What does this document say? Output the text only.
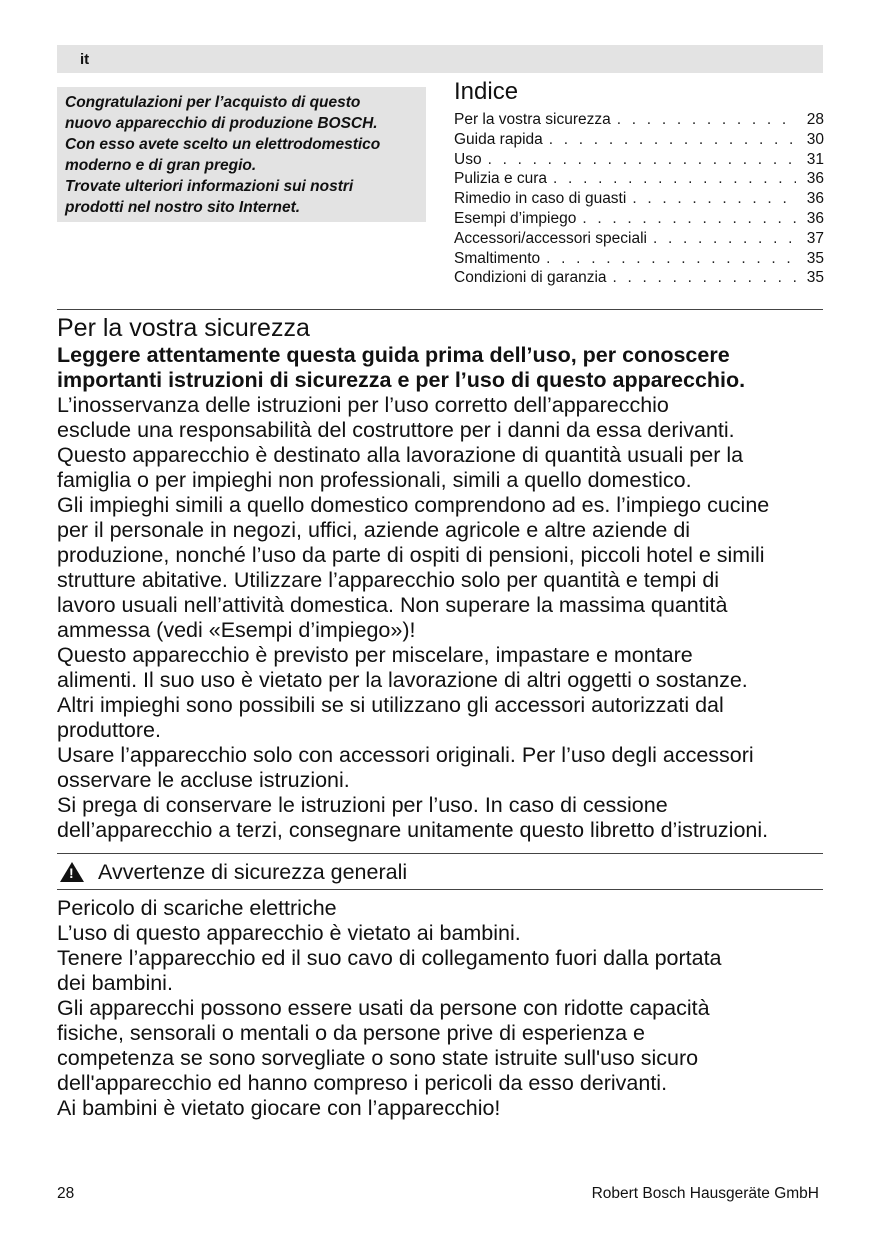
it

Congratulazioni per l’acquisto di questo

nuovo apparecchio di produzione BOSCH.

Con esso avete scelto un elettrodomestico

moderno e di gran pregio.

Trovate ulteriori informazioni sui nostri

prodotti nel nostro sito Internet.

Indice
Per la vostra sicurezza . . .	28
Guida rapida . . .	30
Uso . . .	31
Pulizia e cura . . .	36
Rimedio in caso di guasti . . .	36
Esempi d’impiego . . .	36
Accessori/accessori speciali . . .	37
Smaltimento . . .	35
Condizioni di garanzia . . .	35
Per la vostra sicurezza

Leggere attentamente questa guida prima dell’uso, per conoscere

importanti istruzioni di sicurezza e per l’uso di questo apparecchio.

L’inosservanza delle istruzioni per l’uso corretto dell’apparecchio

esclude una responsabilità del costruttore per i danni da essa derivanti.

Questo apparecchio è destinato alla lavorazione di quantità usuali per la

famiglia o per impieghi non professionali, simili a quello domestico.

Gli impieghi simili a quello domestico comprendono ad es. l’impiego cucine

per il personale in negozi, uffici, aziende agricole e altre aziende di

produzione, nonché l’uso da parte di ospiti di pensioni, piccoli hotel e simili

strutture abitative. Utilizzare l’apparecchio solo per quantità e tempi di

lavoro usuali nell’attività domestica. Non superare la massima quantità

ammessa (vedi «Esempi d’impiego»)!

Questo apparecchio è previsto per miscelare, impastare e montare

alimenti. Il suo uso è vietato per la lavorazione di altri oggetti o sostanze.

Altri impieghi sono possibili se si utilizzano gli accessori autorizzati dal

produttore.

Usare l’apparecchio solo con accessori originali. Per l’uso degli accessori

osservare le accluse istruzioni.

Si prega di conservare le istruzioni per l’uso. In caso di cessione

dell’apparecchio a terzi, consegnare unitamente questo libretto d’istruzioni.

!
Avvertenze di sicurezza generali

Pericolo di scariche elettriche

L’uso di questo apparecchio è vietato ai bambini.

Tenere l’apparecchio ed il suo cavo di collegamento fuori dalla portata

dei bambini.

Gli apparecchi possono essere usati da persone con ridotte capacità

fisiche, sensorali o mentali o da persone prive di esperienza e

competenza se sono sorvegliate o sono state istruite sull'uso sicuro

dell'apparecchio ed hanno compreso i pericoli da esso derivanti.

Ai bambini è vietato giocare con l’apparecchio!

28	Robert Bosch Hausgeräte GmbH
